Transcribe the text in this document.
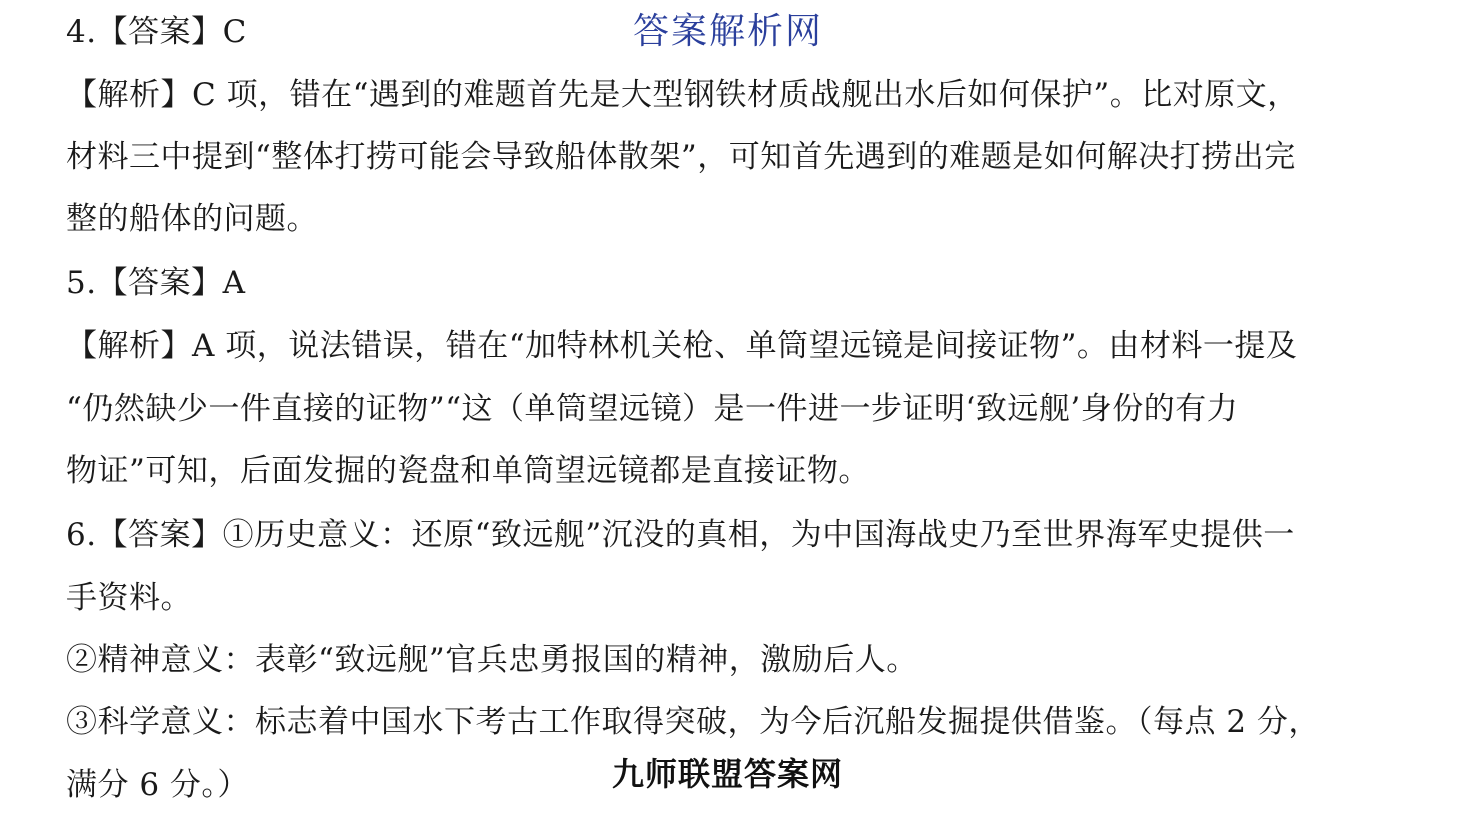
答案解析网
4.【答案】C
【解析】C 项，错在“遇到的难题首先是大型钢铁材质战舰出水后如何保护”。比对原文，
材料三中提到“整体打捞可能会导致船体散架”，可知首先遇到的难题是如何解决打捞出完
整的船体的问题。
5.【答案】A
【解析】A 项，说法错误，错在“加特林机关枪、单筒望远镜是间接证物”。由材料一提及
“仍然缺少一件直接的证物”“这（单筒望远镜）是一件进一步证明‘致远舰’身份的有力
物证”可知，后面发掘的瓷盘和单筒望远镜都是直接证物。
6.【答案】①历史意义：还原“致远舰”沉没的真相，为中国海战史乃至世界海军史提供一
手资料。
②精神意义：表彰“致远舰”官兵忠勇报国的精神，激励后人。
③科学意义：标志着中国水下考古工作取得突破，为今后沉船发掘提供借鉴。（每点 2 分，
满分 6 分。）	九师联盟答案网
